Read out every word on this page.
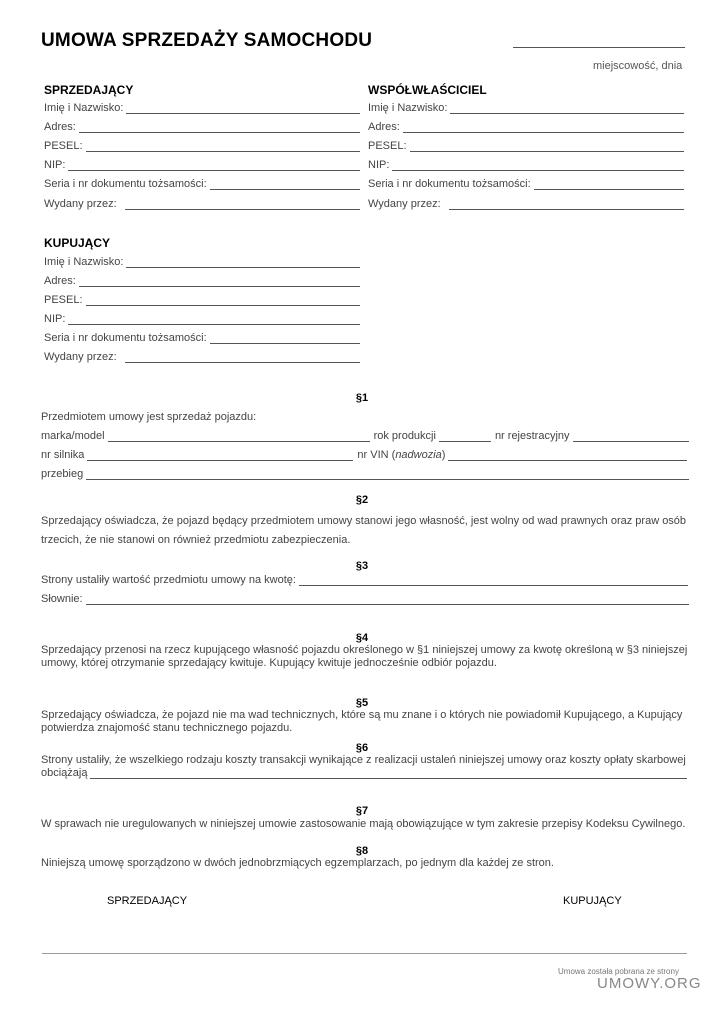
UMOWA SPRZEDAŻY SAMOCHODU
miejscowość, dnia
SPRZEDAJĄCY
Imię i Nazwisko:
Adres:
PESEL:
NIP:
Seria i nr dokumentu tożsamości:
Wydany przez:
WSPÓŁWŁAŚCICIEL
Imię i Nazwisko:
Adres:
PESEL:
NIP:
Seria i nr dokumentu tożsamości:
Wydany przez:
KUPUJĄCY
Imię i Nazwisko:
Adres:
PESEL:
NIP:
Seria i nr dokumentu tożsamości:
Wydany przez:
§1
Przedmiotem umowy jest sprzedaż pojazdu:
marka/model	rok produkcji	nr rejestracyjny
nr silnika	nr VIN (nadwozia)
przebieg
§2
Sprzedający oświadcza, że pojazd będący przedmiotem umowy stanowi jego własność, jest wolny od wad prawnych oraz praw osób
trzecich, że nie stanowi on również przedmiotu zabezpieczenia.
§3
Strony ustaliły wartość przedmiotu umowy na kwotę:
Słownie:
§4
Sprzedający przenosi na rzecz kupującego własność pojazdu określonego w §1 niniejszej umowy za kwotę określoną w §3 niniejszej
umowy, której otrzymanie sprzedający kwituje. Kupujący kwituje jednocześnie odbiór pojazdu.
§5
Sprzedający oświadcza, że pojazd nie ma wad technicznych, które są mu znane i o których nie powiadomił Kupującego, a Kupujący
potwierdza znajomość stanu technicznego pojazdu.
§6
Strony ustaliły, że wszelkiego rodzaju koszty transakcji wynikające z realizacji ustaleń niniejszej umowy oraz koszty opłaty skarbowej
obciążają
§7
W sprawach nie uregulowanych w niniejszej umowie zastosowanie mają obowiązujące w tym zakresie przepisy Kodeksu Cywilnego.
§8
Niniejszą umowę sporządzono w dwóch jednobrzmiących egzemplarzach, po jednym dla każdej ze stron.
SPRZEDAJĄCY	KUPUJĄCY
Umowa została pobrana ze strony
UMOWY.ORG
